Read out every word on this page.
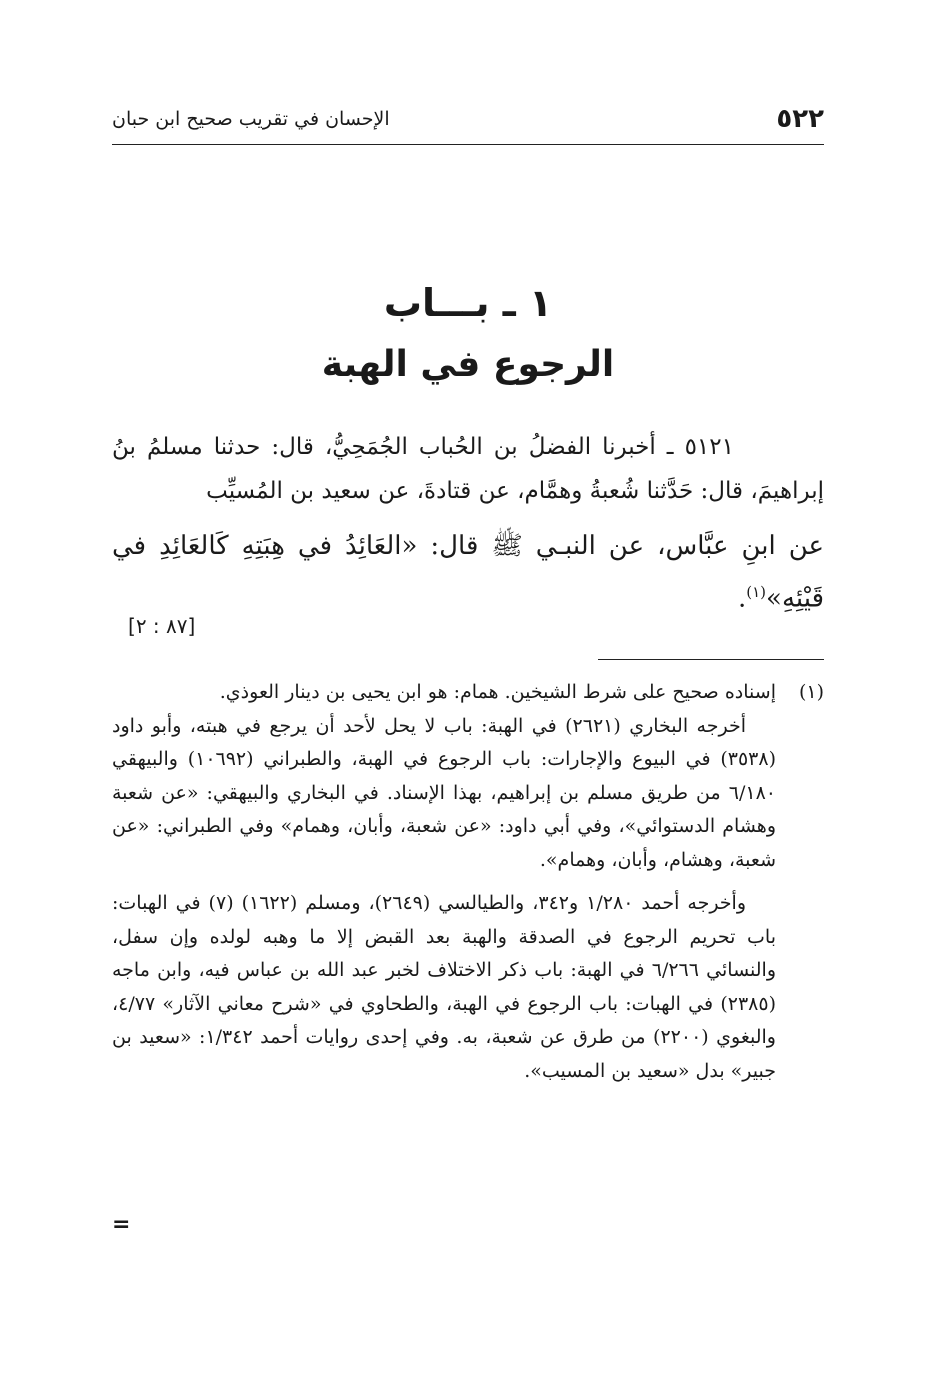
٥٢٢
الإحسان في تقريب صحيح ابن حبان
١ ـ بـــاب
الرجوع في الهبة

٥١٢١ ـ أخبرنا الفضلُ بن الحُباب الجُمَحِيُّ، قال: حدثنا مسلمُ بنُ إبراهيمَ، قال: حَدَّثنا شُعبةُ وهمَّام، عن قتادةَ، عن سعيد بن المُسيِّب

عن ابنِ عبَّاس، عن النبـي ﷺ قال: «العَائِدُ في هِبَتِهِ كَالعَائِدِ في قَيْئِهِ»$^{(١)}$.

[٨٧ : ٢]

(١)
إسناده صحيح على شرط الشيخين. همام: هو ابن يحيى بن دينار العوذي.

أخرجه البخاري (٢٦٢١) في الهبة: باب لا يحل لأحد أن يرجع في هبته، وأبو داود (٣٥٣٨) في البيوع والإجارات: باب الرجوع في الهبة، والطبراني (١٠٦٩٢) والبيهقي ٦/١٨٠ من طريق مسلم بن إبراهيم، بهذا الإسناد. في البخاري والبيهقي: «عن شعبة وهشام الدستوائي»، وفي أبي داود: «عن شعبة، وأبان، وهمام» وفي الطبراني: «عن شعبة، وهشام، وأبان، وهمام».

وأخرجه أحمد ١/٢٨٠ و٣٤٢، والطيالسي (٢٦٤٩)، ومسلم (١٦٢٢) (٧) في الهبات: باب تحريم الرجوع في الصدقة والهبة بعد القبض إلا ما وهبه لولده وإن سفل، والنسائي ٦/٢٦٦ في الهبة: باب ذكر الاختلاف لخبر عبد الله بن عباس فيه، وابن ماجه (٢٣٨٥) في الهبات: باب الرجوع في الهبة، والطحاوي في «شرح معاني الآثار» ٤/٧٧، والبغوي (٢٢٠٠) من طرق عن شعبة، به. وفي إحدى روايات أحمد ١/٣٤٢: «سعيد بن جبير» بدل «سعيد بن المسيب».

=
